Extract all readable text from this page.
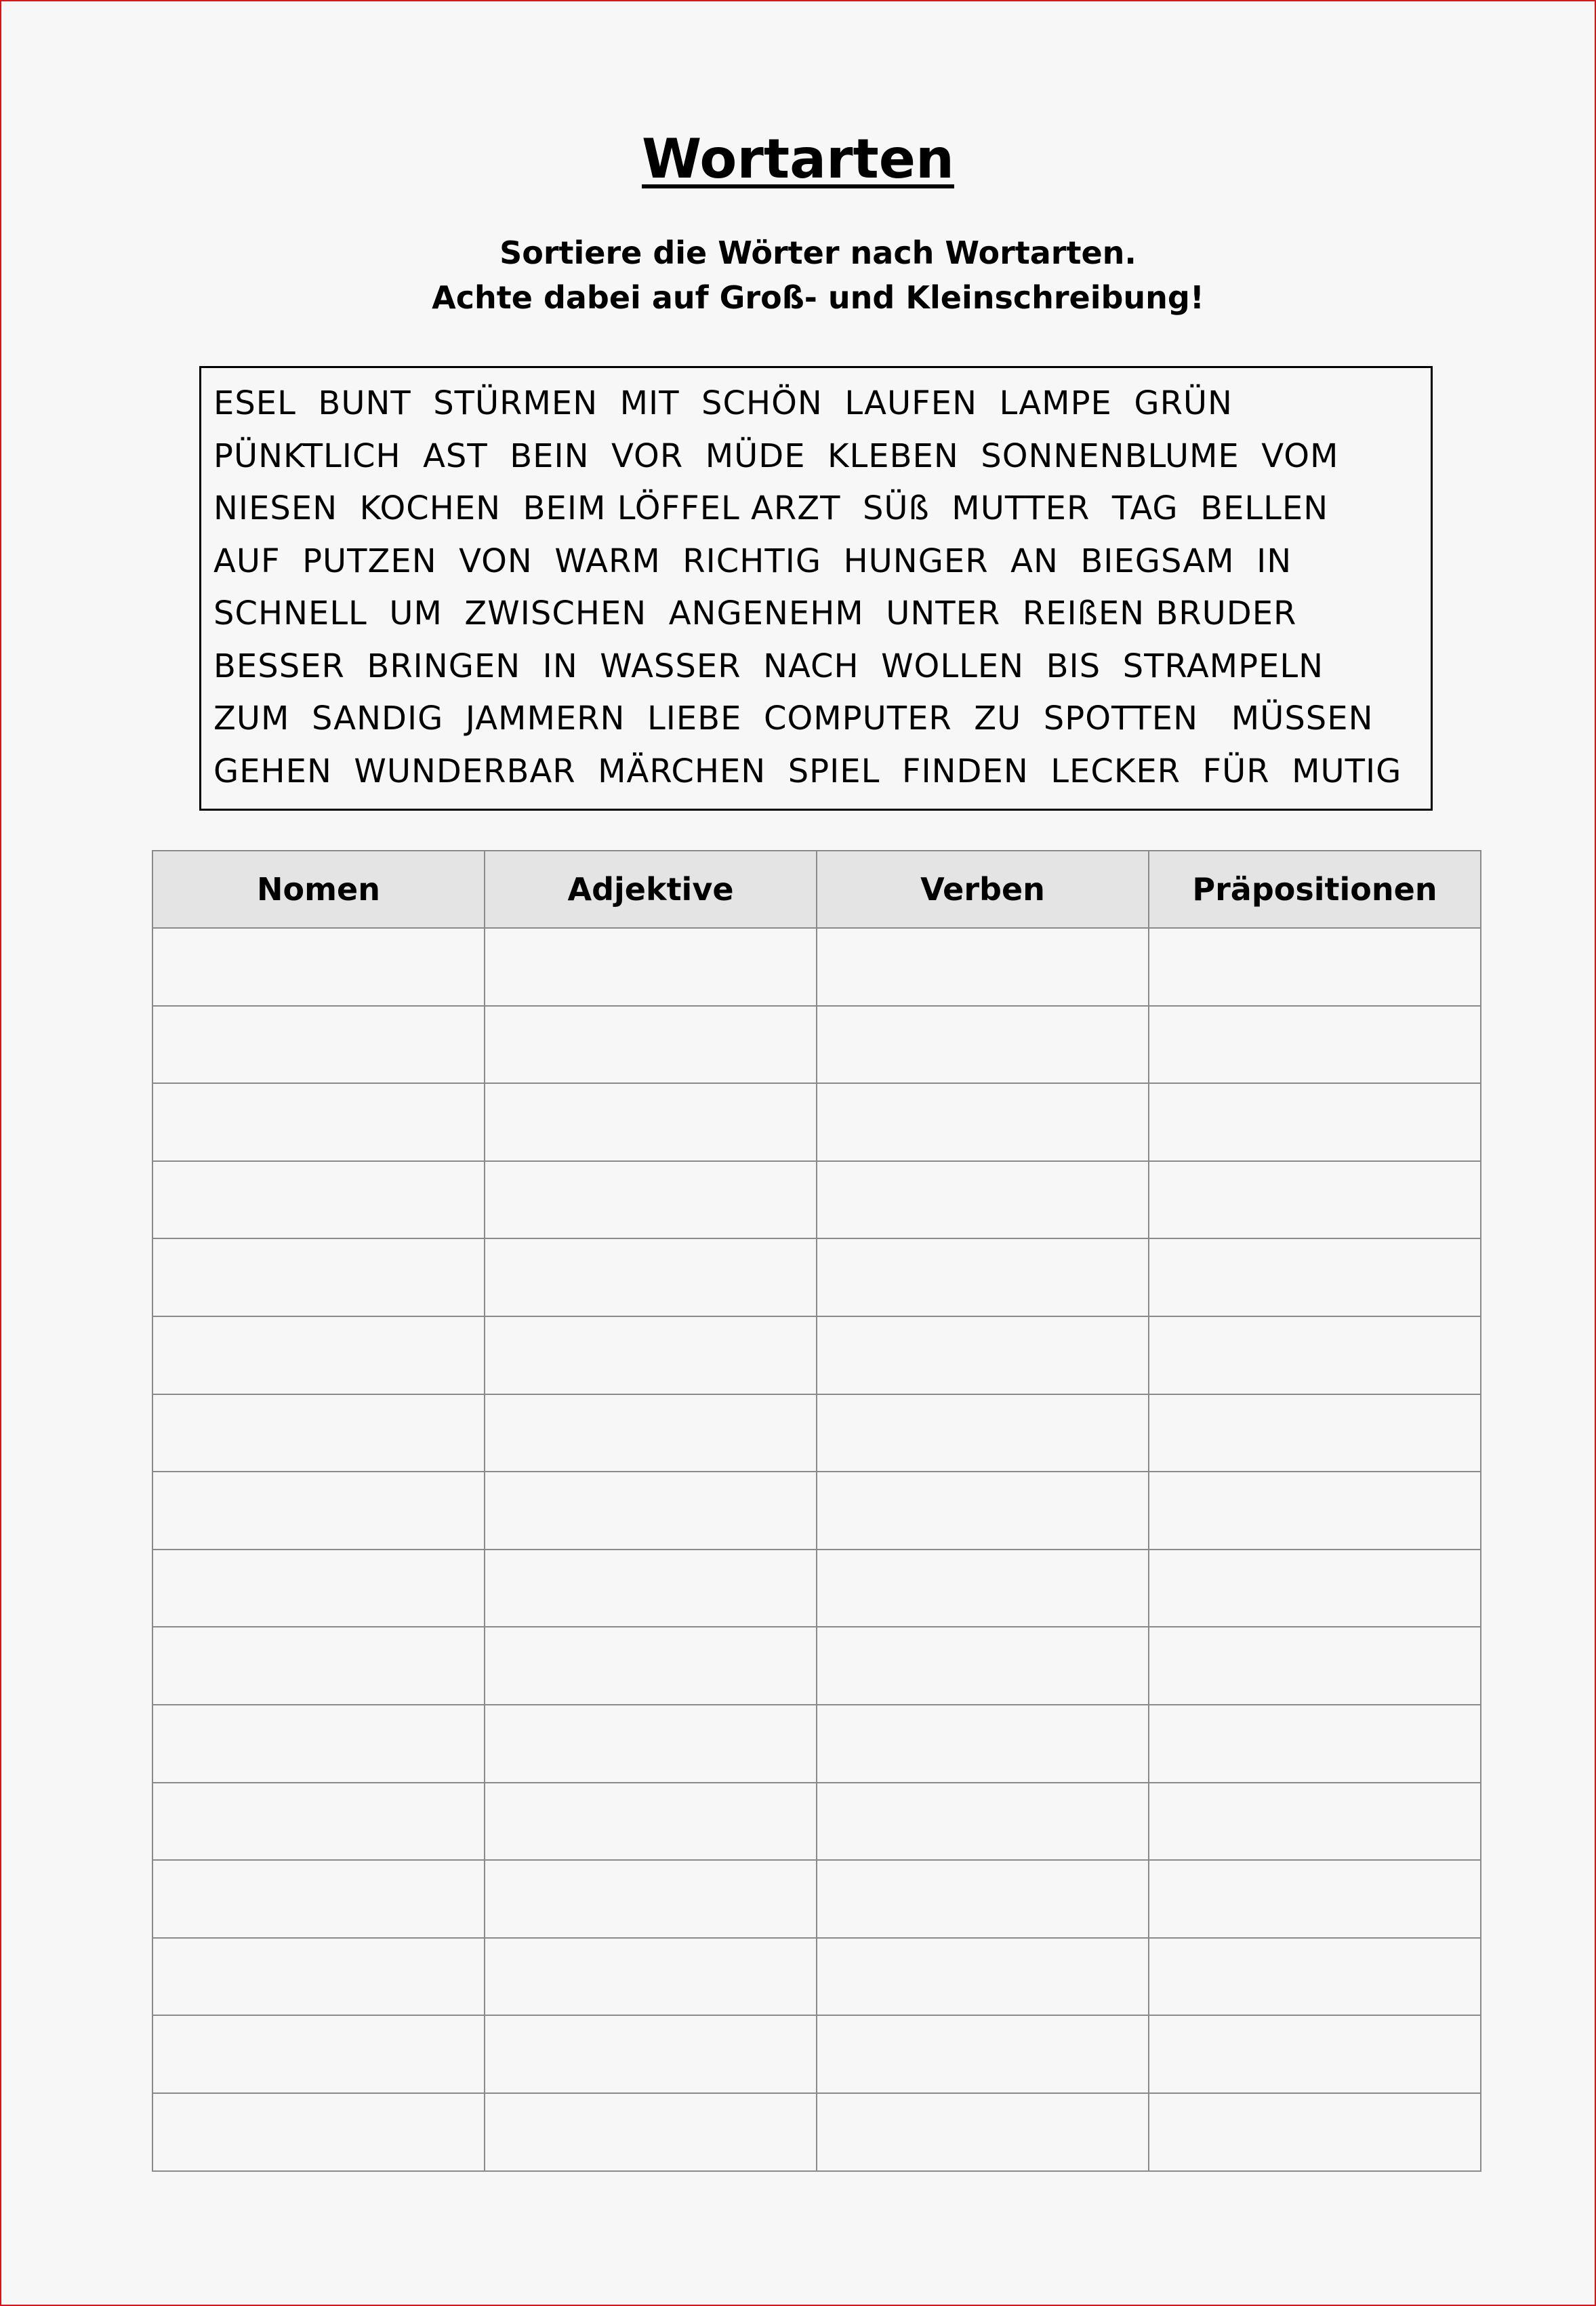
Wortarten
Sortiere die Wörter nach Wortarten.
Achte dabei auf Groß- und Kleinschreibung!
ESEL  BUNT  STÜRMEN  MIT  SCHÖN  LAUFEN  LAMPE  GRÜN
PÜNKTLICH  AST  BEIN  VOR  MÜDE  KLEBEN  SONNENBLUME  VOM
NIESEN  KOCHEN  BEIM LÖFFEL ARZT  SÜß  MUTTER  TAG  BELLEN
AUF  PUTZEN  VON  WARM  RICHTIG  HUNGER  AN  BIEGSAM  IN
SCHNELL  UM  ZWISCHEN  ANGENEHM  UNTER  REIßEN BRUDER
BESSER  BRINGEN  IN  WASSER  NACH  WOLLEN  BIS  STRAMPELN
ZUM  SANDIG  JAMMERN  LIEBE  COMPUTER  ZU  SPOTTEN   MÜSSEN
GEHEN  WUNDERBAR  MÄRCHEN  SPIEL  FINDEN  LECKER  FÜR  MUTIG
Nomen	Adjektive	Verben	Präpositionen
